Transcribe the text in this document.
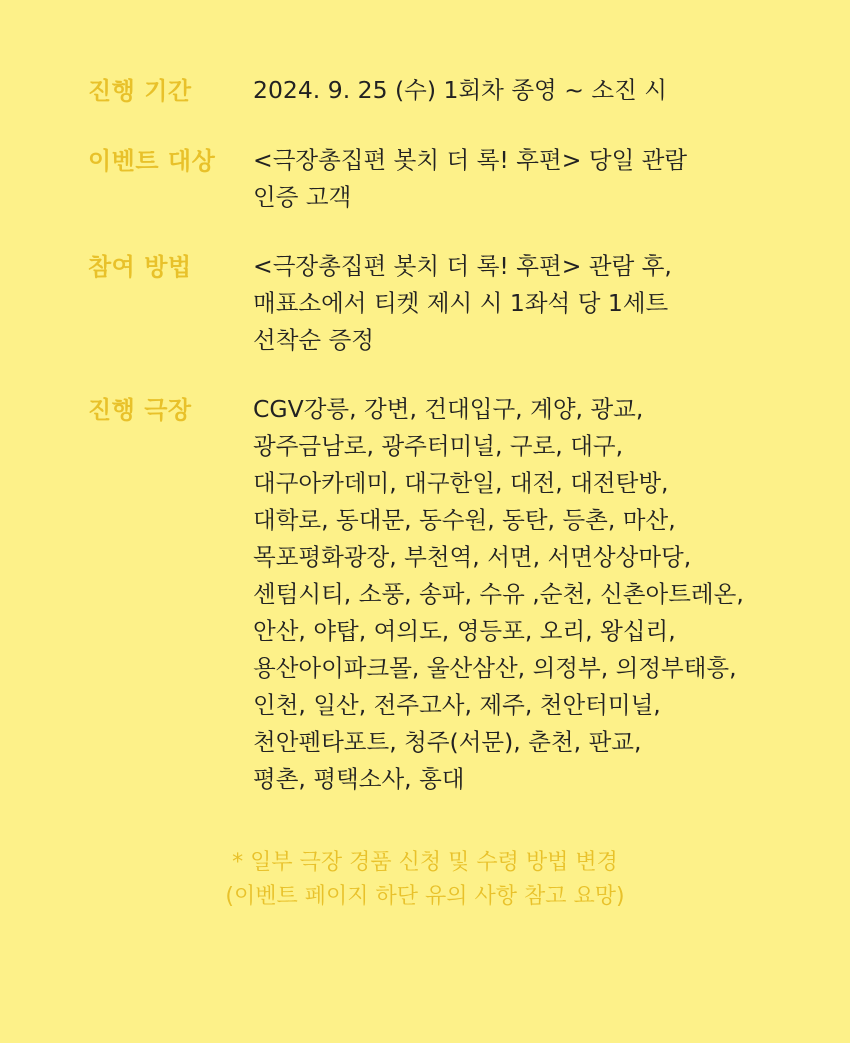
진행 기간	2024. 9. 25 (수) 1회차 종영 ~ 소진 시
이벤트 대상	<극장총집편 봇치 더 록! 후편> 당일 관람
인증 고객
참여 방법	<극장총집편 봇치 더 록! 후편> 관람 후,
매표소에서 티켓 제시 시 1좌석 당 1세트
선착순 증정
진행 극장	CGV강릉, 강변, 건대입구, 계양, 광교,
광주금남로, 광주터미널, 구로, 대구,
대구아카데미, 대구한일, 대전, 대전탄방,
대학로, 동대문, 동수원, 동탄, 등촌, 마산,
목포평화광장, 부천역, 서면, 서면상상마당,
센텀시티, 소풍, 송파, 수유 ,순천, 신촌아트레온,
안산, 야탑, 여의도, 영등포, 오리, 왕십리,
용산아이파크몰, 울산삼산, 의정부, 의정부태흥,
인천, 일산, 전주고사, 제주, 천안터미널,
천안펜타포트, 청주(서문), 춘천, 판교,
평촌, 평택소사, 홍대
* 일부 극장 경품 신청 및 수령 방법 변경
(이벤트 페이지 하단 유의 사항 참고 요망)
